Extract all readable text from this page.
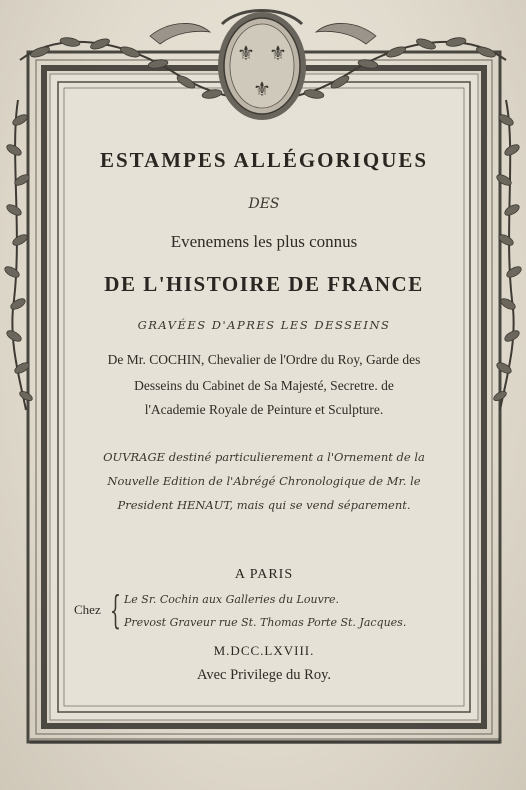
⚜ ⚜
⚜
ESTAMPES ALLÉGORIQUES
DES
Evenemens les plus connus
DE L'HISTOIRE DE FRANCE
GRAVÉES D'APRES LES DESSEINS
De Mr. COCHIN, Chevalier de l'Ordre du Roy, Garde des
Desseins du Cabinet de Sa Majesté, Secretre. de
l'Academie Royale de Peinture et Sculpture.
OUVRAGE destiné particulierement a l'Ornement de la
Nouvelle Edition de l'Abrégé Chronologique de Mr. le
President HENAUT, mais qui se vend séparement.
A PARIS
Chez { Le Sr. Cochin aux Galleries du Louvre.
Prevost Graveur rue St. Thomas Porte St. Jacques.
M.DCC.LXVIII.
Avec Privilege du Roy.
